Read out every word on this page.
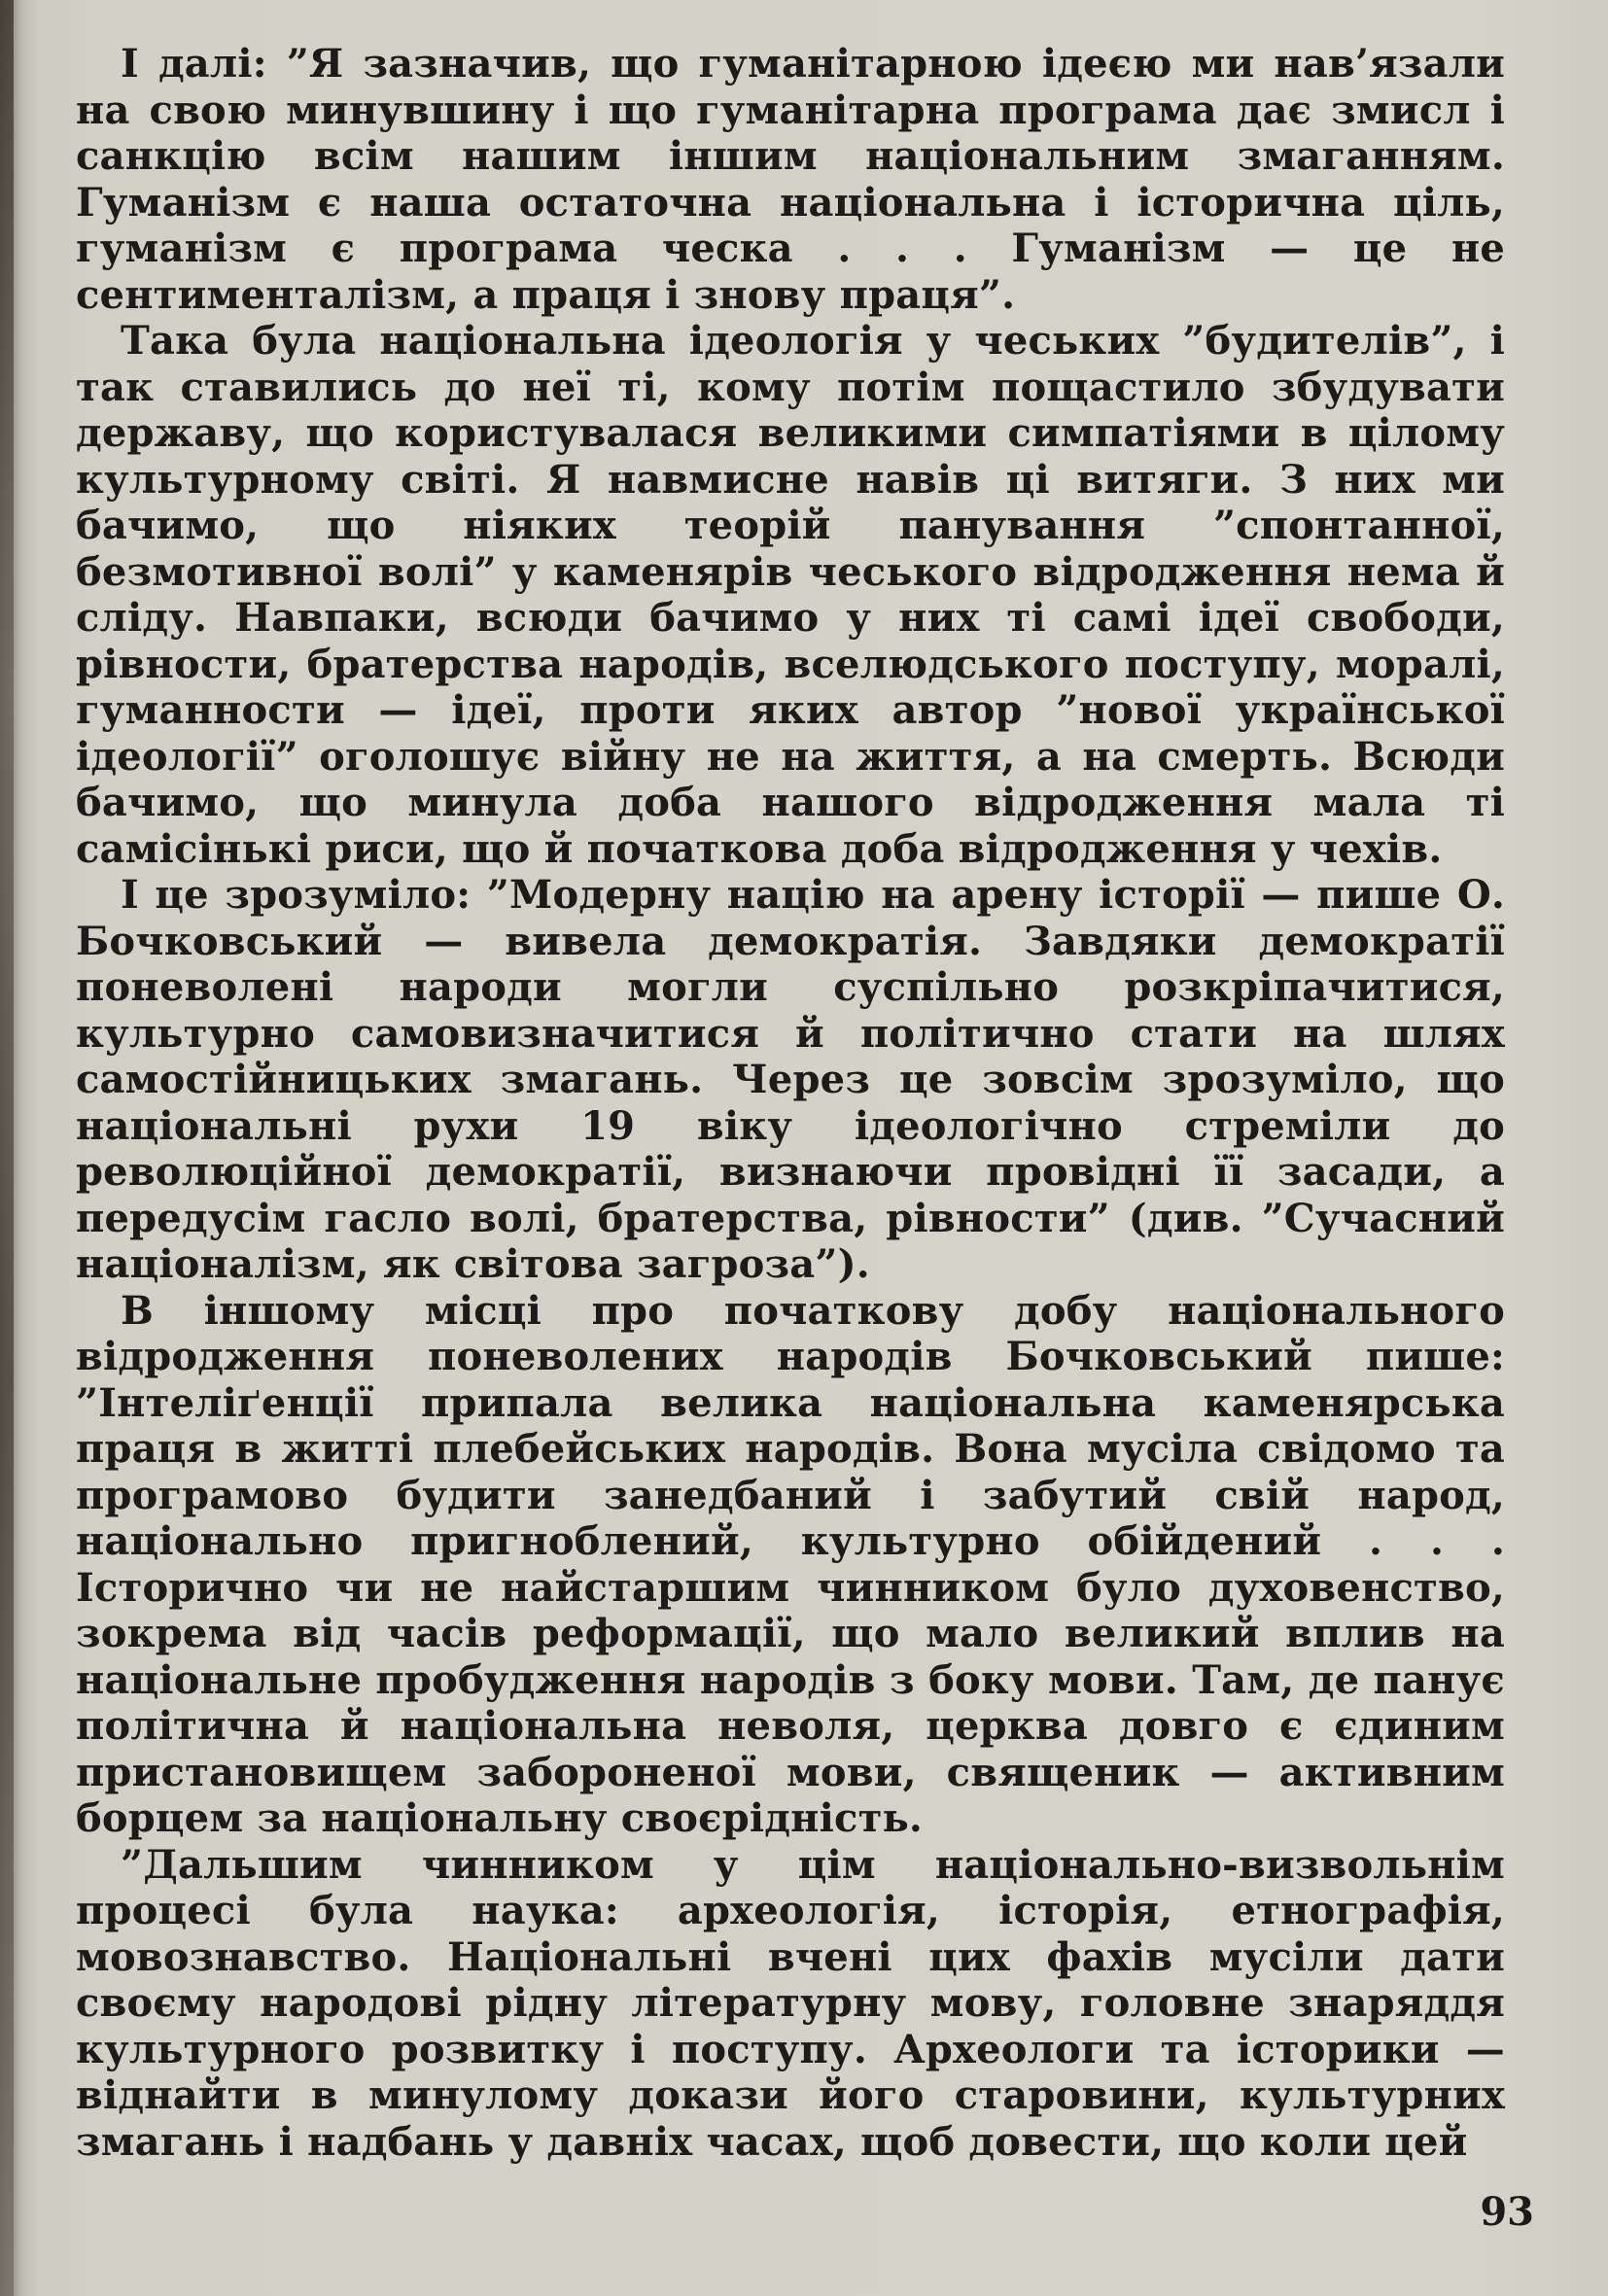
І далі: ”Я зазначив, що гуманітарною ідеєю ми нав’язали на свою минувшину і що гуманітарна програма дає змисл і санкцію всім нашим іншим національним змаганням. Гуманізм є наша остаточна національна і історична ціль, гуманізм є програма ческа . . . Гуманізм — це не сентименталізм, а праця і знову праця”.

Така була національна ідеологія у чеських ”будителів”, і так ставились до неї ті, кому потім пощастило збудувати державу, що користувалася великими симпатіями в цілому культурному світі. Я навмисне навів ці витяги. З них ми бачимо, що ніяких теорій панування ”спонтанної, безмотивної волі” у каменярів чеського відродження нема й сліду. Навпаки, всюди бачимо у них ті самі ідеї свободи, рівности, братерства народів, вселюдського поступу, моралі, гуманности — ідеї, проти яких автор ”нової української ідеології” оголошує війну не на життя, а на смерть. Всюди бачимо, що минула доба нашого відродження мала ті самісінькі риси, що й початкова доба відродження у чехів.

І це зрозуміло: ”Модерну націю на арену історії — пише О. Бочковський — вивела демократія. Завдяки демократії поневолені народи могли суспільно розкріпачитися, культурно самовизначитися й політично стати на шлях самостійницьких змагань. Через це зовсім зрозуміло, що національні рухи 19 віку ідеологічно стреміли до революційної демократії, визнаючи провідні її засади, а передусім гасло волі, братерства, рівности” (див. ”Сучасний націоналізм, як світова загроза”).

В іншому місці про початкову добу національного відродження поневолених народів Бочковський пише: ”Інтеліґенції припала велика національна каменярська праця в житті плебейських народів. Вона мусіла свідомо та програмово будити занедбаний і забутий свій народ, національно пригноблений, культурно обійдений . . . Історично чи не найстаршим чинником було духовенство, зокрема від часів реформації, що мало великий вплив на національне пробудження народів з боку мови. Там, де панує політична й національна неволя, церква довго є єдиним пристановищем забороненої мови, священик — активним борцем за національну своєрідність.

”Дальшим чинником у цім національно-визвольнім процесі була наука: археологія, історія, етнографія, мовознавство. Національні вчені цих фахів мусіли дати своєму народові рідну літературну мову, головне знаряддя культурного розвитку і поступу. Археологи та історики — віднайти в минулому докази його старовини, культурних змагань і надбань у давніх часах, щоб довести, що коли цей

93
